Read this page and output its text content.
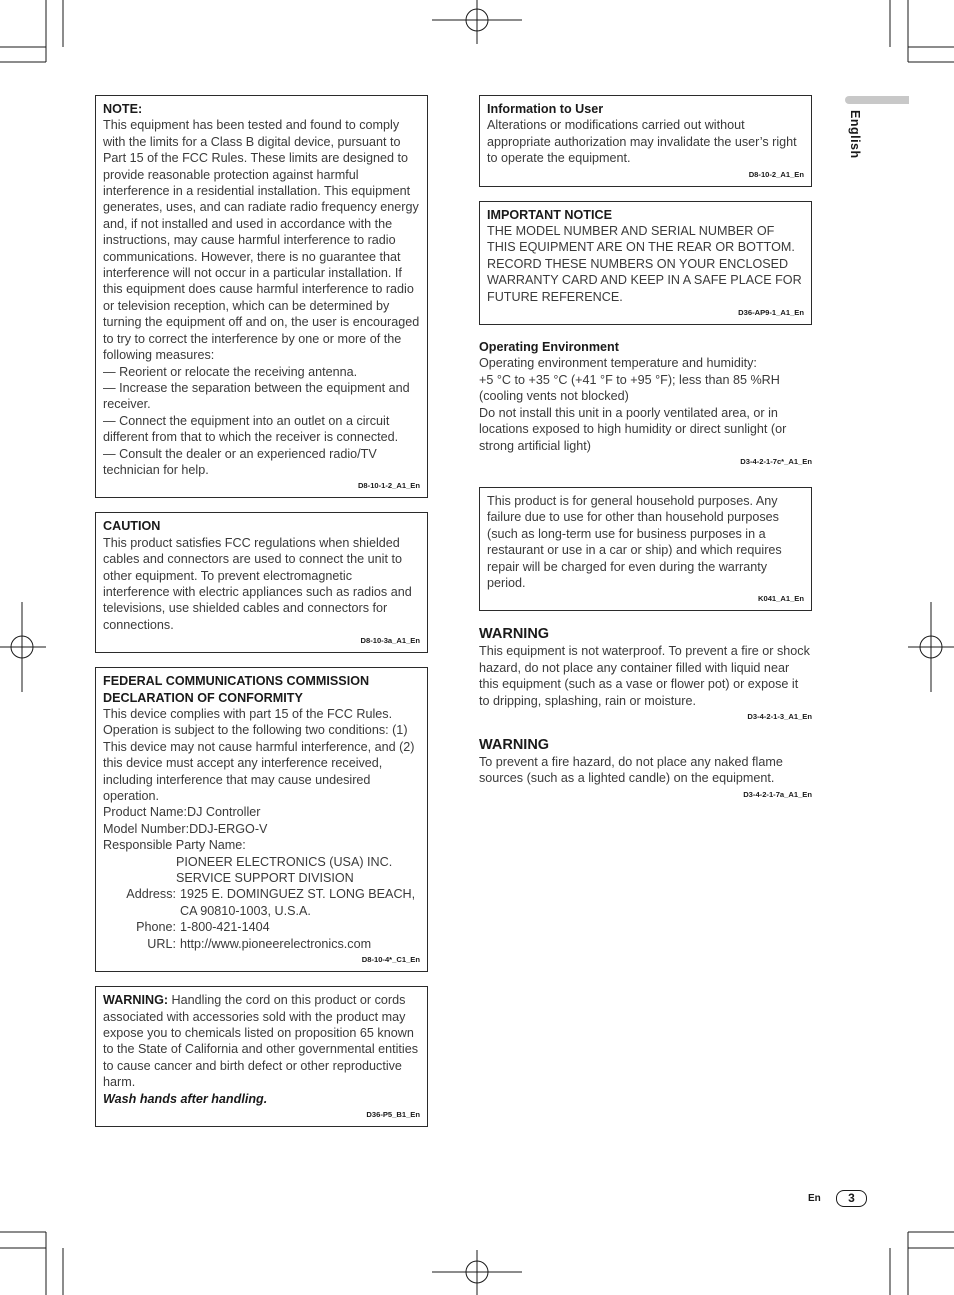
NOTE:

This equipment has been tested and found to comply with the limits for a Class B digital device, pursuant to Part 15 of the FCC Rules. These limits are designed to provide reasonable protection against harmful interference in a residential installation. This equipment generates, uses, and can radiate radio frequency energy and, if not installed and used in accordance with the instructions, may cause harmful interference to radio communications. However, there is no guarantee that interference will not occur in a particular installation. If this equipment does cause harmful interference to radio or television reception, which can be determined by turning the equipment off and on, the user is encouraged to try to correct the interference by one or more of the following measures:

— Reorient or relocate the receiving antenna.

— Increase the separation between the equipment and receiver.

— Connect the equipment into an outlet on a circuit different from that to which the receiver is connected.

— Consult the dealer or an experienced radio/TV technician for help.

D8-10-1-2_A1_En
CAUTION

This product satisfies FCC regulations when shielded cables and connectors are used to connect the unit to other equipment. To prevent electromagnetic interference with electric appliances such as radios and televisions, use shielded cables and connectors for connections.

D8-10-3a_A1_En
FEDERAL COMMUNICATIONS COMMISSION DECLARATION OF CONFORMITY

This device complies with part 15 of the FCC Rules. Operation is subject to the following two conditions: (1) This device may not cause harmful interference, and (2) this device must accept any interference received, including interference that may cause undesired operation.

Product Name:DJ Controller

Model Number:DDJ-ERGO-V

Responsible Party Name:

PIONEER ELECTRONICS (USA) INC.

SERVICE SUPPORT DIVISION

Address: 1925 E. DOMINGUEZ ST. LONG BEACH, CA 90810-1003, U.S.A.
Phone: 1-800-421-1404
URL: http://www.pioneerelectronics.com
D8-10-4*_C1_En

WARNING: Handling the cord on this product or cords associated with accessories sold with the product may expose you to chemicals listed on proposition 65 known to the State of California and other governmental entities to cause cancer and birth defect or other reproductive harm.

Wash hands after handling.

D36-P5_B1_En
Information to User

Alterations or modifications carried out without appropriate authorization may invalidate the user’s right to operate the equipment.

D8-10-2_A1_En
IMPORTANT NOTICE

THE MODEL NUMBER AND SERIAL NUMBER OF THIS EQUIPMENT ARE ON THE REAR OR BOTTOM. RECORD THESE NUMBERS ON YOUR ENCLOSED WARRANTY CARD AND KEEP IN A SAFE PLACE FOR FUTURE REFERENCE.

D36-AP9-1_A1_En
Operating Environment

Operating environment temperature and humidity:

+5 °C to +35 °C (+41 °F to +95 °F); less than 85 %RH (cooling vents not blocked)

Do not install this unit in a poorly ventilated area, or in locations exposed to high humidity or direct sunlight (or strong artificial light)

D3-4-2-1-7c*_A1_En

This product is for general household purposes. Any failure due to use for other than household purposes (such as long-term use for business purposes in a restaurant or use in a car or ship) and which requires repair will be charged for even during the warranty period.

K041_A1_En
WARNING

This equipment is not waterproof. To prevent a fire or shock hazard, do not place any container filled with liquid near this equipment (such as a vase or flower pot) or expose it to dripping, splashing, rain or moisture.

D3-4-2-1-3_A1_En
WARNING

To prevent a fire hazard, do not place any naked flame sources (such as a lighted candle) on the equipment.

D3-4-2-1-7a_A1_En
English
En	3
